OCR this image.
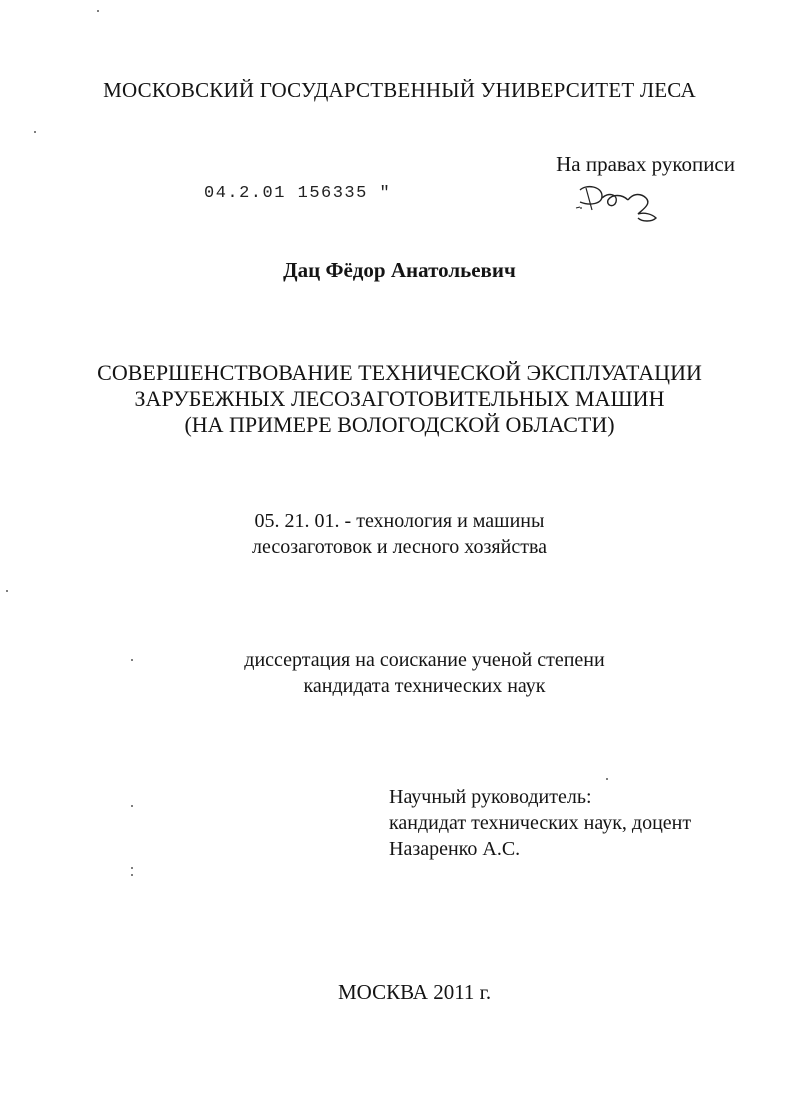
МОСКОВСКИЙ ГОСУДАРСТВЕННЫЙ УНИВЕРСИТЕТ ЛЕСА
На правах рукописи
04.2.01 156335 "
Дац Фёдор Анатольевич
СОВЕРШЕНСТВОВАНИЕ ТЕХНИЧЕСКОЙ ЭКСПЛУАТАЦИИ
ЗАРУБЕЖНЫХ ЛЕСОЗАГОТОВИТЕЛЬНЫХ МАШИН
(НА ПРИМЕРЕ ВОЛОГОДСКОЙ ОБЛАСТИ)
05. 21. 01. - технология и машины
лесозаготовок и лесного хозяйства
диссертация на соискание ученой степени
кандидата технических наук
Научный руководитель:
кандидат технических наук, доцент
Назаренко А.С.
МОСКВА 2011 г.
